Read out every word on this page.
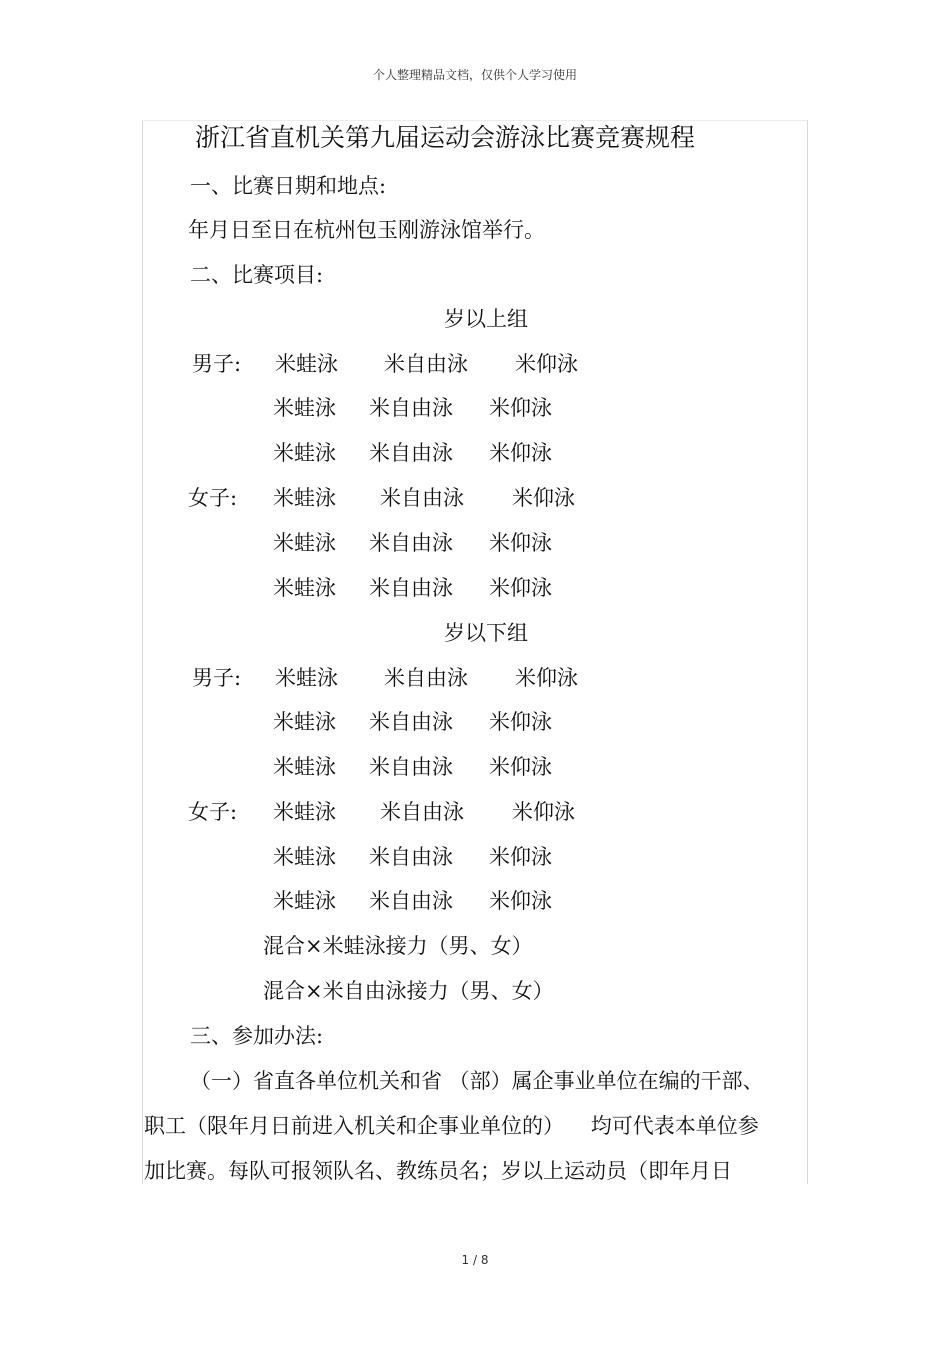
个人整理精品文档，仅供个人学习使用
浙江省直机关第九届运动会游泳比赛竞赛规程
一、比赛日期和地点:
年月日至日在杭州包玉刚游泳馆举行。
二、比赛项目:
岁以上组
男子: 米蛙泳 米自由泳 米仰泳
米蛙泳 米自由泳 米仰泳
米蛙泳 米自由泳 米仰泳
女子: 米蛙泳 米自由泳 米仰泳
米蛙泳 米自由泳 米仰泳
米蛙泳 米自由泳 米仰泳
岁以下组
男子: 米蛙泳 米自由泳 米仰泳
米蛙泳 米自由泳 米仰泳
米蛙泳 米自由泳 米仰泳
女子: 米蛙泳 米自由泳 米仰泳
米蛙泳 米自由泳 米仰泳
米蛙泳 米自由泳 米仰泳
混合×米蛙泳接力（男、女）
混合×米自由泳接力（男、女）
三、参加办法:
（一）省直各单位机关和省 （部）属企事业单位在编的干部、
职工（限年月日前进入机关和企事业单位的）    均可代表本单位参
加比赛。每队可报领队名、教练员名；岁以上运动员（即年月日
1 / 8
